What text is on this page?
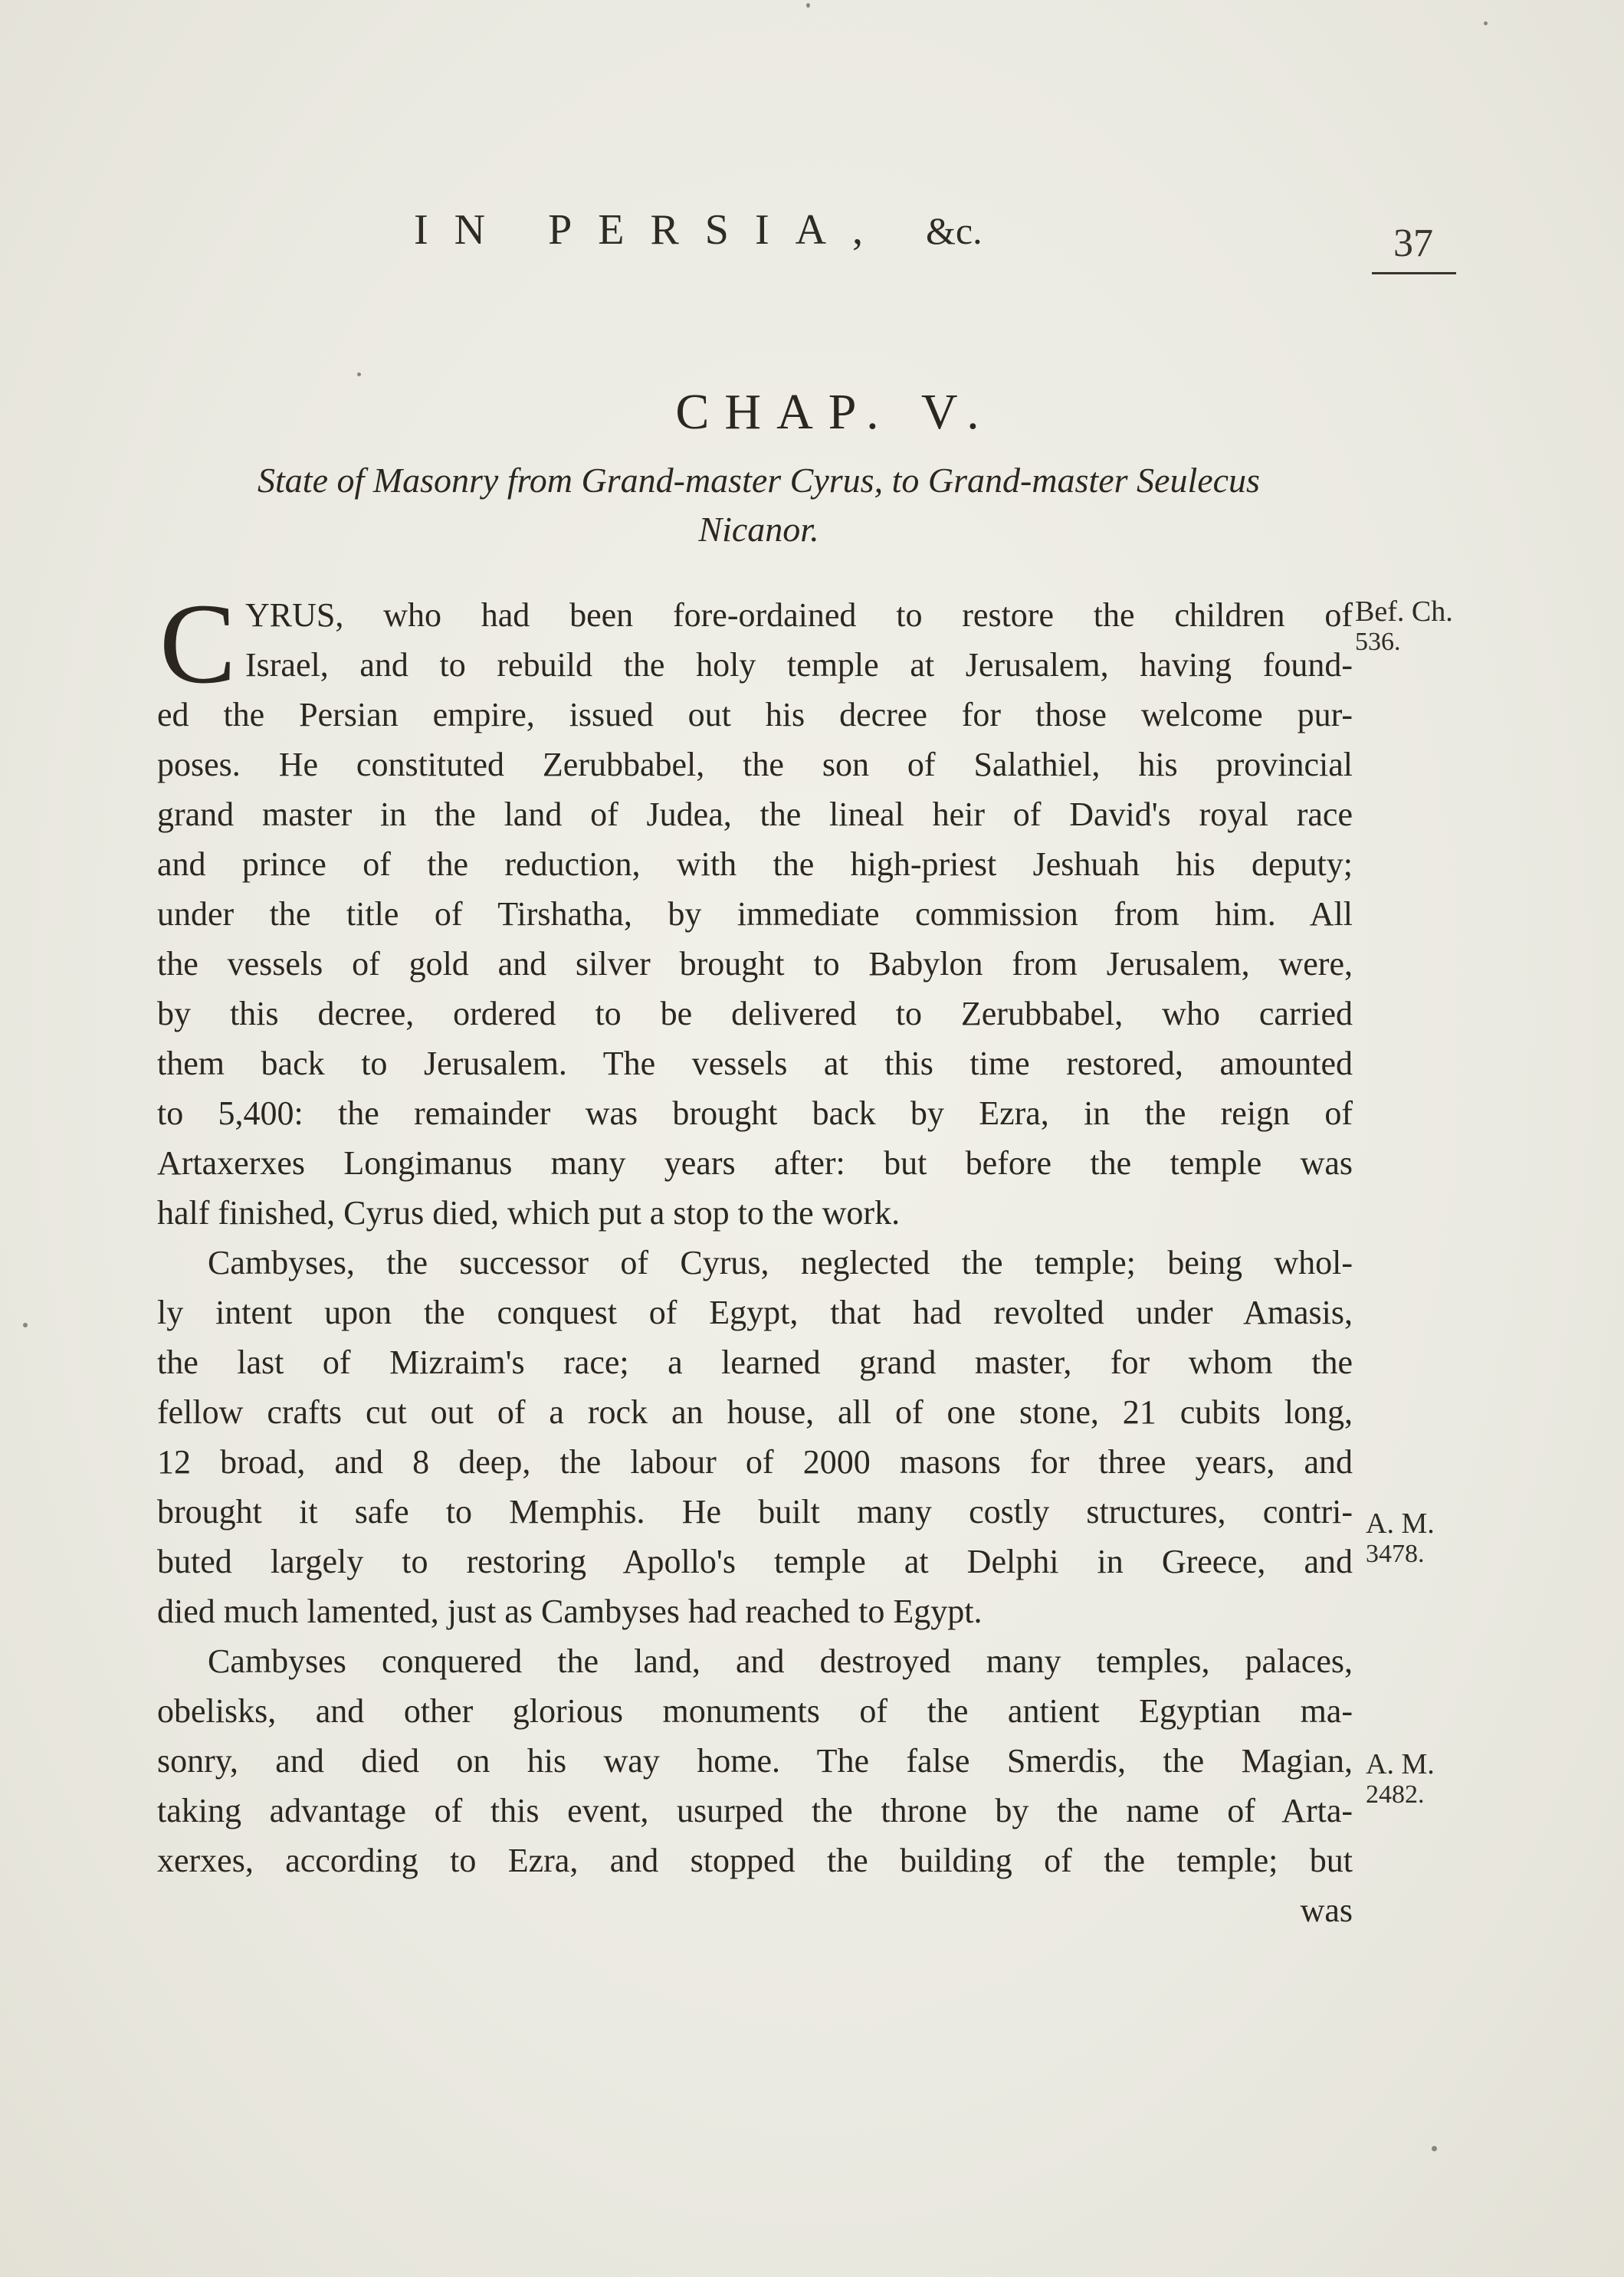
IN PERSIA, &c.	37
CHAP. V.
State of Masonry from Grand-master Cyrus, to Grand-master Seulecus
Nicanor.
C YRUS, who had been fore-ordained to restore the children of
Israel, and to rebuild the holy temple at Jerusalem, having found-
ed the Persian empire, issued out his decree for those welcome pur-
poses. He constituted Zerubbabel, the son of Salathiel, his provincial
grand master in the land of Judea, the lineal heir of David's royal race
and prince of the reduction, with the high-priest Jeshuah his deputy;
under the title of Tirshatha, by immediate commission from him. All
the vessels of gold and silver brought to Babylon from Jerusalem, were,
by this decree, ordered to be delivered to Zerubbabel, who carried
them back to Jerusalem. The vessels at this time restored, amounted
to 5,400: the remainder was brought back by Ezra, in the reign of
Artaxerxes Longimanus many years after: but before the temple was
half finished, Cyrus died, which put a stop to the work.
Cambyses, the successor of Cyrus, neglected the temple; being whol-
ly intent upon the conquest of Egypt, that had revolted under Amasis,
the last of Mizraim's race; a learned grand master, for whom the
fellow crafts cut out of a rock an house, all of one stone, 21 cubits long,
12 broad, and 8 deep, the labour of 2000 masons for three years, and
brought it safe to Memphis. He built many costly structures, contri-
buted largely to restoring Apollo's temple at Delphi in Greece, and
died much lamented, just as Cambyses had reached to Egypt.
Cambyses conquered the land, and destroyed many temples, palaces,
obelisks, and other glorious monuments of the antient Egyptian ma-
sonry, and died on his way home. The false Smerdis, the Magian,
taking advantage of this event, usurped the throne by the name of Arta-
xerxes, according to Ezra, and stopped the building of the temple; but
was
Bef. Ch.
536.
A. M.
3478.
A. M.
2482.
